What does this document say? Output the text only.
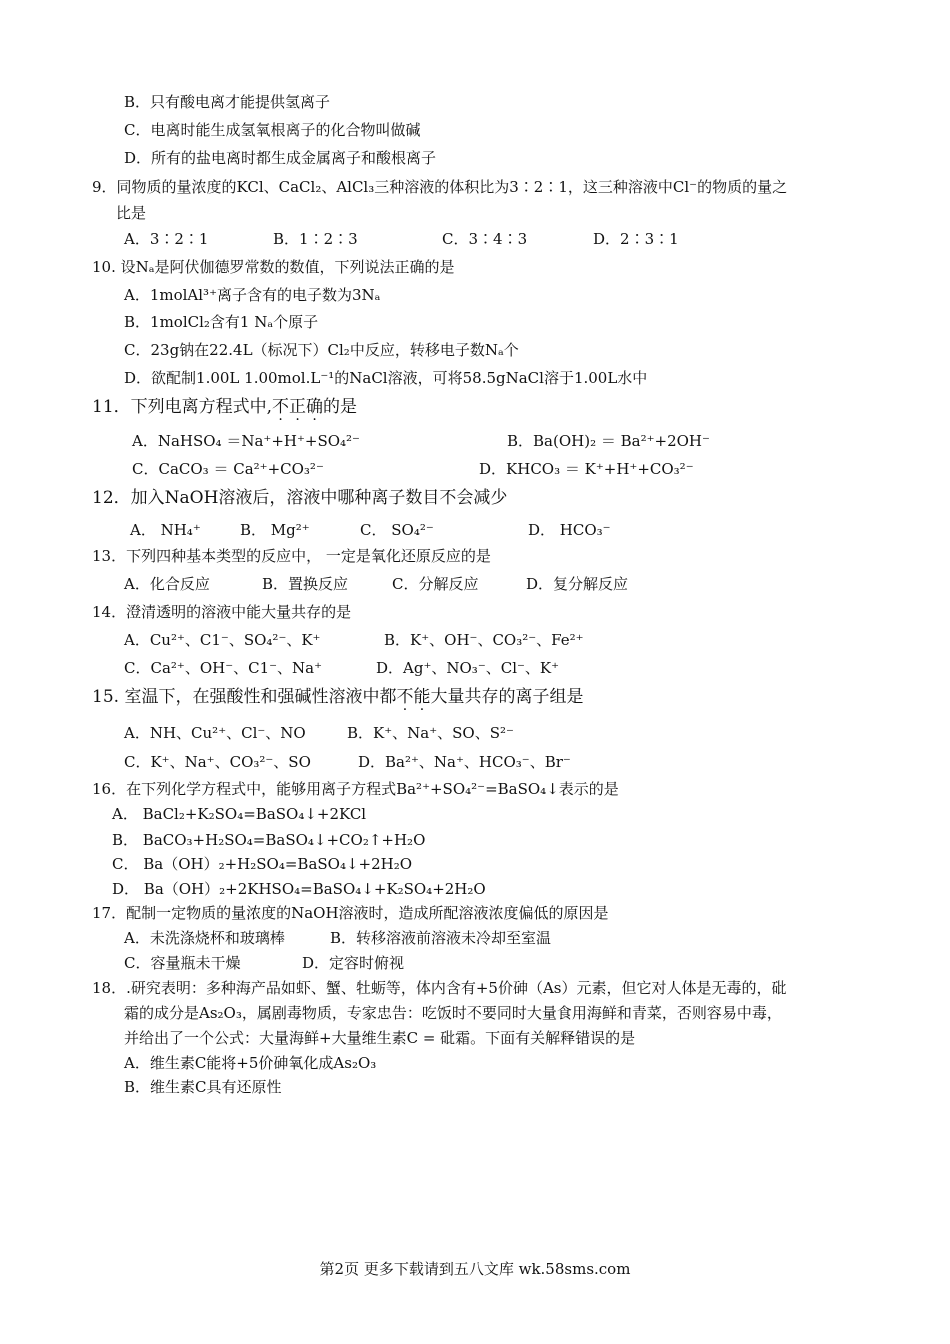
B．只有酸电离才能提供氢离子
C．电离时能生成氢氧根离子的化合物叫做碱
D．所有的盐电离时都生成金属离子和酸根离子
9．同物质的量浓度的KCl、CaCl₂、AlCl₃三种溶液的体积比为3∶2∶1，这三种溶液中Cl⁻的物质的量之
比是
A．3∶2∶1	B．1∶2∶3	C．3∶4∶3	D．2∶3∶1
10. 设Nₐ是阿伏伽德罗常数的数值，下列说法正确的是
A．1molAl³⁺离子含有的电子数为3Nₐ
B．1molCl₂含有1 Nₐ个原子
C．23g钠在22.4L（标况下）Cl₂中反应，转移电子数Nₐ个
D．欲配制1.00L 1.00mol.L⁻¹的NaCl溶液，可将58.5gNaCl溶于1.00L水中
11．下列电离方程式中,不正确的是
A．NaHSO₄ ＝Na⁺+H⁺+SO₄²⁻	B．Ba(OH)₂ ＝ Ba²⁺+2OH⁻
C．CaCO₃ ＝ Ca²⁺+CO₃²⁻	D．KHCO₃ ＝ K⁺+H⁺+CO₃²⁻
12．加入NaOH溶液后，溶液中哪种离子数目不会减少
A． NH₄⁺	B． Mg²⁺	C． SO₄²⁻	D． HCO₃⁻
13．下列四种基本类型的反应中， 一定是氧化还原反应的是
A．化合反应	B．置换反应	C．分解反应	D．复分解反应
14．澄清透明的溶液中能大量共存的是
A．Cu²⁺、C1⁻、SO₄²⁻、K⁺	B．K⁺、OH⁻、CO₃²⁻、Fe²⁺
C．Ca²⁺、OH⁻、C1⁻、Na⁺	D．Ag⁺、NO₃⁻、Cl⁻、K⁺
15. 室温下，在强酸性和强碱性溶液中都不能大量共存的离子组是
A．NH、Cu²⁺、Cl⁻、NO	B．K⁺、Na⁺、SO、S²⁻
C．K⁺、Na⁺、CO₃²⁻、SO	D．Ba²⁺、Na⁺、HCO₃⁻、Br⁻
16．在下列化学方程式中，能够用离子方程式Ba²⁺+SO₄²⁻=BaSO₄↓表示的是
A． BaCl₂+K₂SO₄=BaSO₄↓+2KCl
B． BaCO₃+H₂SO₄=BaSO₄↓+CO₂↑+H₂O
C． Ba（OH）₂+H₂SO₄=BaSO₄↓+2H₂O
D． Ba（OH）₂+2KHSO₄=BaSO₄↓+K₂SO₄+2H₂O
17．配制一定物质的量浓度的NaOH溶液时，造成所配溶液浓度偏低的原因是
A．未洗涤烧杯和玻璃棒	B．转移溶液前溶液未冷却至室温
C．容量瓶未干燥	D．定容时俯视
18．.研究表明：多种海产品如虾、蟹、牡蛎等，体内含有+5价砷（As）元素，但它对人体是无毒的，砒
霜的成分是As₂O₃，属剧毒物质，专家忠告：吃饭时不要同时大量食用海鲜和青菜，否则容易中毒，
并给出了一个公式：大量海鲜+大量维生素C = 砒霜。下面有关解释错误的是
A．维生素C能将+5价砷氧化成As₂O₃
B．维生素C具有还原性
第2页 更多下载请到五八文库 wk.58sms.com
